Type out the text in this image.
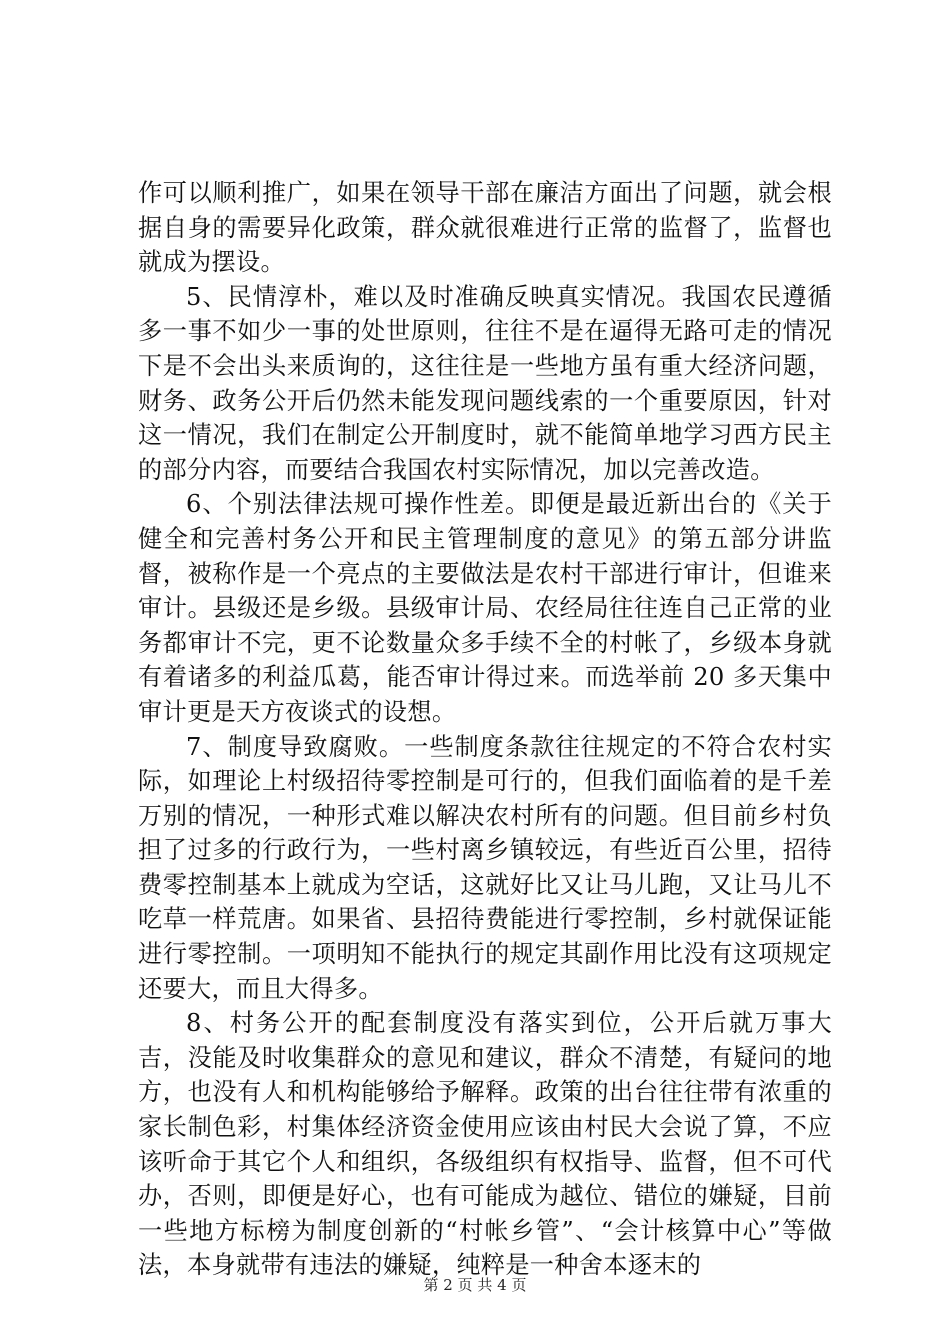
作可以顺利推广，如果在领导干部在廉洁方面出了问题，就会根据自身的需要异化政策，群众就很难进行正常的监督了，监督也就成为摆设。

5、民情淳朴，难以及时准确反映真实情况。我国农民遵循多一事不如少一事的处世原则，往往不是在逼得无路可走的情况下是不会出头来质询的，这往往是一些地方虽有重大经济问题，财务、政务公开后仍然未能发现问题线索的一个重要原因，针对这一情况，我们在制定公开制度时，就不能简单地学习西方民主的部分内容，而要结合我国农村实际情况，加以完善改造。

6、个别法律法规可操作性差。即便是最近新出台的《关于健全和完善村务公开和民主管理制度的意见》的第五部分讲监督，被称作是一个亮点的主要做法是农村干部进行审计，但谁来审计。县级还是乡级。县级审计局、农经局往往连自己正常的业务都审计不完，更不论数量众多手续不全的村帐了，乡级本身就有着诸多的利益瓜葛，能否审计得过来。而选举前 20 多天集中审计更是天方夜谈式的设想。

7、制度导致腐败。一些制度条款往往规定的不符合农村实际，如理论上村级招待零控制是可行的，但我们面临着的是千差万别的情况，一种形式难以解决农村所有的问题。但目前乡村负担了过多的行政行为，一些村离乡镇较远，有些近百公里，招待费零控制基本上就成为空话，这就好比又让马儿跑，又让马儿不吃草一样荒唐。如果省、县招待费能进行零控制，乡村就保证能进行零控制。一项明知不能执行的规定其副作用比没有这项规定还要大，而且大得多。

8、村务公开的配套制度没有落实到位，公开后就万事大吉，没能及时收集群众的意见和建议，群众不清楚，有疑问的地方，也没有人和机构能够给予解释。政策的出台往往带有浓重的家长制色彩，村集体经济资金使用应该由村民大会说了算，不应该听命于其它个人和组织，各级组织有权指导、监督，但不可代办，否则，即便是好心，也有可能成为越位、错位的嫌疑，目前一些地方标榜为制度创新的“村帐乡管”、“会计核算中心”等做法，本身就带有违法的嫌疑，纯粹是一种舍本逐末的

第 2 页 共 4 页
